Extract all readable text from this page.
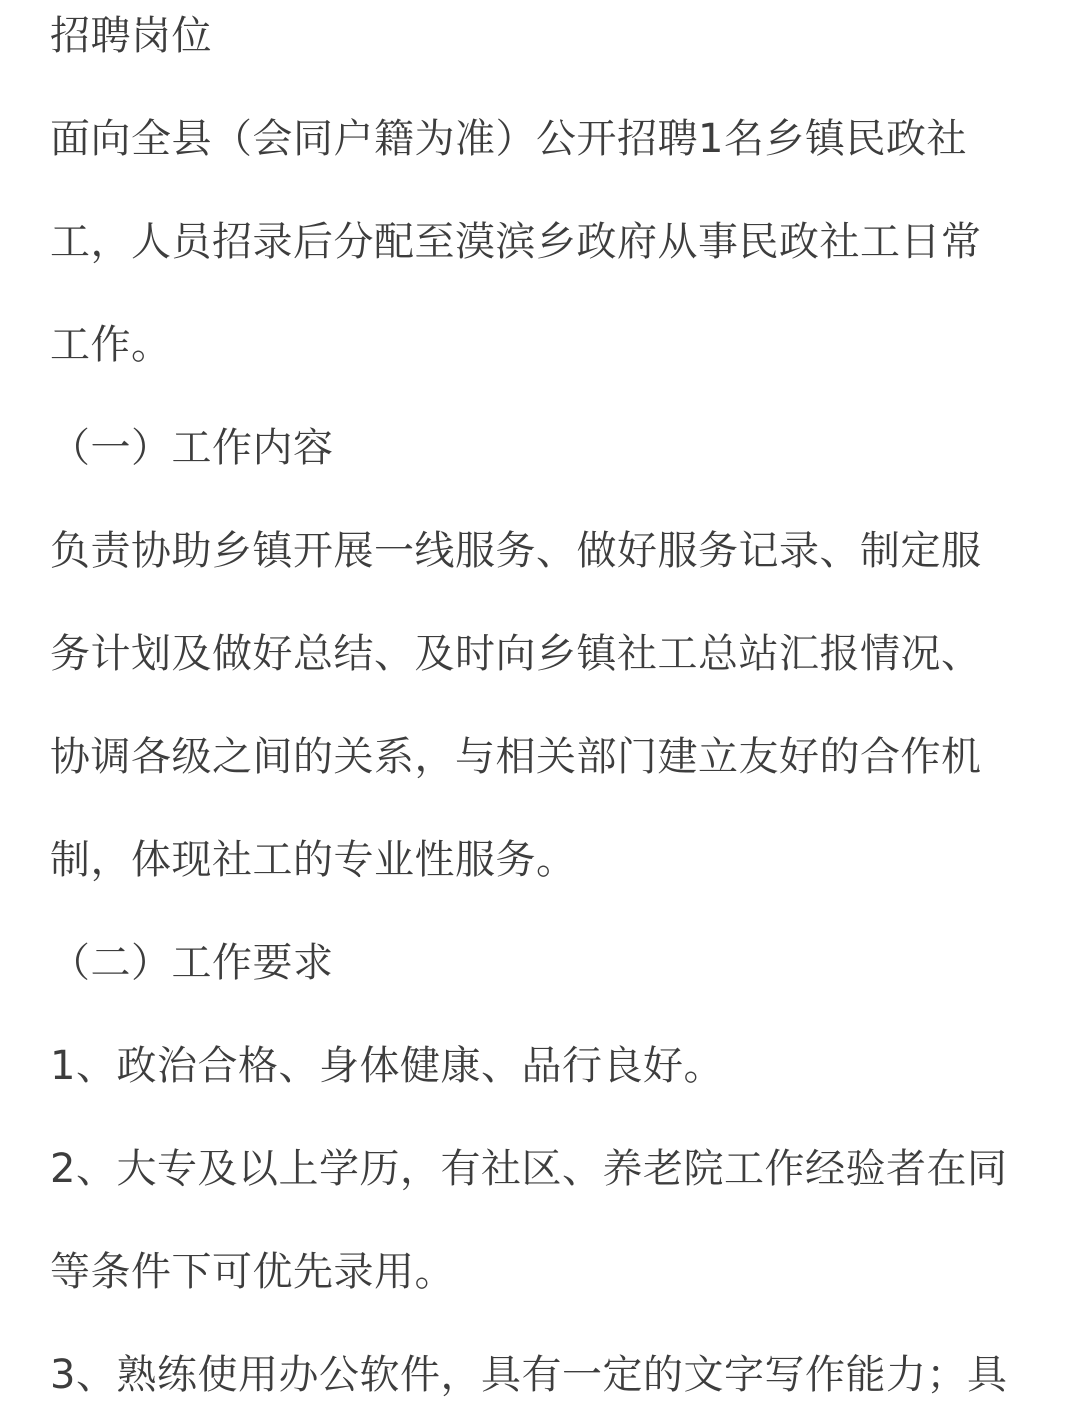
招聘岗位
面向全县（会同户籍为准）公开招聘1名乡镇民政社
工，人员招录后分配至漠滨乡政府从事民政社工日常
工作。
（一）工作内容
负责协助乡镇开展一线服务、做好服务记录、制定服
务计划及做好总结、及时向乡镇社工总站汇报情况、
协调各级之间的关系，与相关部门建立友好的合作机
制，体现社工的专业性服务。
（二）工作要求
1、政治合格、身体健康、品行良好。
2、大专及以上学历，有社区、养老院工作经验者在同
等条件下可优先录用。
3、熟练使用办公软件，具有一定的文字写作能力；具
